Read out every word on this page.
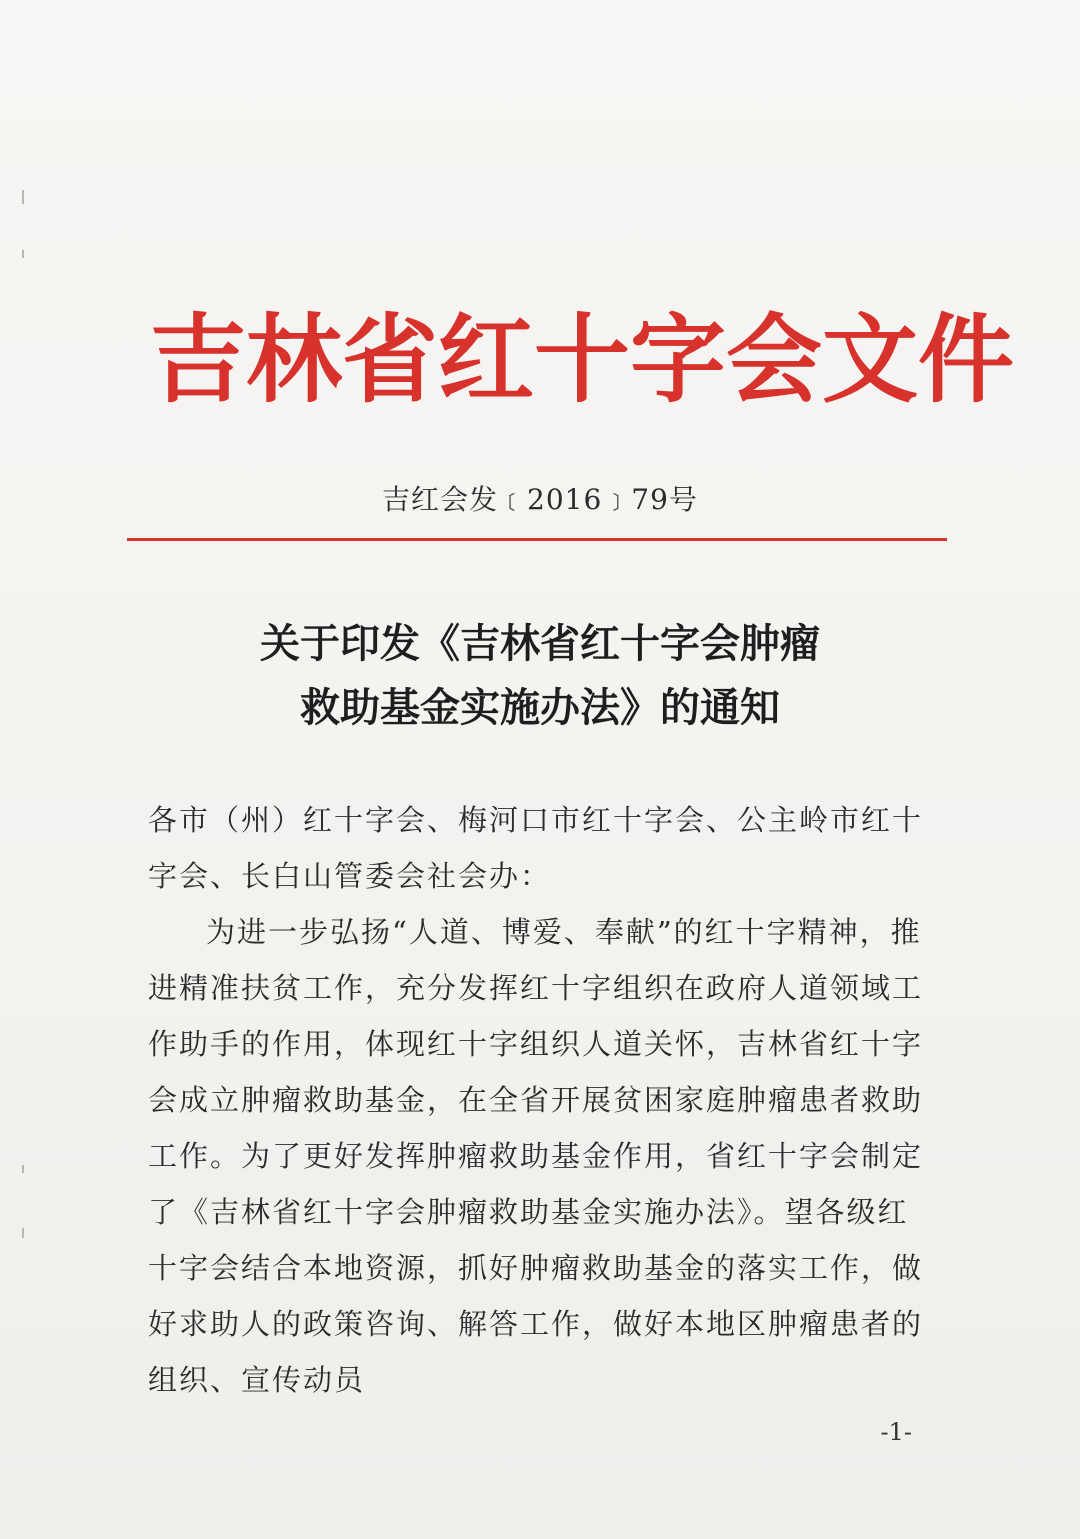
吉 林 省 红 十 字 会 文 件
吉红会发﹝2016﹞79号
关于印发《吉林省红十字会肿瘤
救助基金实施办法》的通知

各市（州）红十字会、梅河口市红十字会、公主岭市红十字会、长白山管委会社会办：

为进一步弘扬“人道、博爱、奉献”的红十字精神，推进精准扶贫工作，充分发挥红十字组织在政府人道领域工作助手的作用，体现红十字组织人道关怀，吉林省红十字会成立肿瘤救助基金，在全省开展贫困家庭肿瘤患者救助工作。为了更好发挥肿瘤救助基金作用，省红十字会制定了《吉林省红十字会肿瘤救助基金实施办法》。望各级红十字会结合本地资源，抓好肿瘤救助基金的落实工作，做好求助人的政策咨询、解答工作，做好本地区肿瘤患者的组织、宣传动员

-1-
